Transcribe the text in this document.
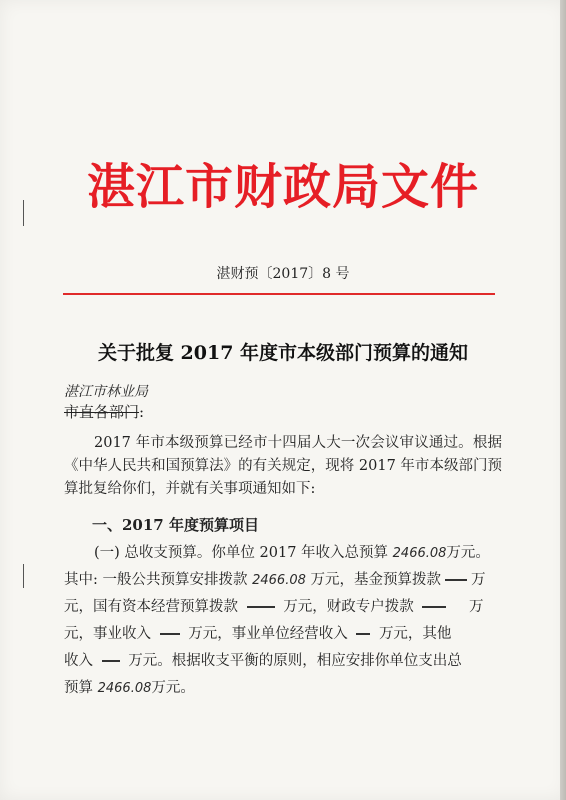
湛江市财政局文件
湛财预〔2017〕8 号
关于批复 2017 年度市本级部门预算的通知
湛江市林业局
市直各部门:
2017 年市本级预算已经市十四届人大一次会议审议通过。根据《中华人民共和国预算法》的有关规定，现将 2017 年市本级部门预算批复给你们，并就有关事项通知如下:
一、2017 年度预算项目
(一) 总收支预算。你单位 2017 年收入总预算 2466.08万元。
其中: 一般公共预算安排拨款 2466.08 万元，基金预算拨款 万
元，国有资本经营预算拨款	万元，财政专户拨款	万
元，事业收入	万元，事业单位经营收入 万元，其他
收入 万元。根据收支平衡的原则，相应安排你单位支出总
预算 2466.08万元。
